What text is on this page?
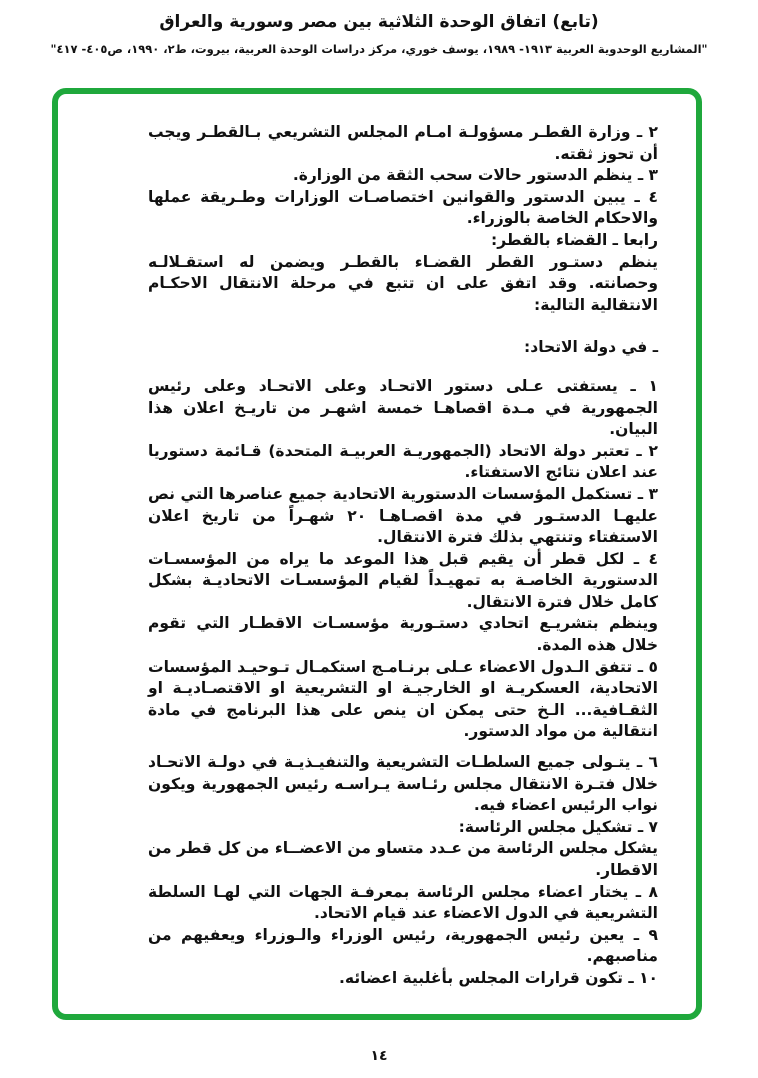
(تابع) اتفاق الوحدة الثلاثية بين مصر وسورية والعراق

"المشاريع الوحدوية العربية ١٩١٣- ١٩٨٩، يوسف خوري، مركز دراسات الوحدة العربية، بيروت، ط٢، ١٩٩٠، ص٤٠٥- ٤١٧"

٢ ـ وزارة القطـر مسؤولـة امـام المجلس التشريعي بـالقطـر ويجب أن تحوز ثقته.

٣ ـ ينظم الدستور حالات سحب الثقة من الوزارة.

٤ ـ يبين الدستور والقوانين اختصاصـات الوزارات وطـريقة عملها والاحكام الخاصة بالوزراء.

رابعا ـ القضاء بالقطر:

ينظم دستـور القطر القضـاء بالقطـر ويضمن له استقـلالـه وحصانته. وقد اتفق على ان تتبع في مرحلة الانتقال الاحكـام الانتقالية التالية:

ـ في دولة الاتحاد:

١ ـ يستفتى عـلى دستور الاتحـاد وعلى الاتحـاد وعلى رئيس الجمهورية في مـدة اقصاهـا خمسة اشهـر من تاريـخ اعلان هذا البيان.

٢ ـ تعتبر دولة الاتحاد (الجمهوريـة العربيـة المتحدة) قـائمة دستوريا عند اعلان نتائج الاستفتاء.

٣ ـ تستكمل المؤسسات الدستورية الاتحادية جميع عناصرها التي نص عليهـا الدستـور في مدة اقصـاهـا ٢٠ شهـراً من تاريخ اعلان الاستفتاء وتنتهي بذلك فترة الانتقال.

٤ ـ لكل قطر أن يقيم قبل هذا الموعد ما يراه من المؤسسـات الدستورية الخاصـة به تمهيـداً لقيام المؤسسـات الاتحاديـة بشكل كامل خلال فترة الانتقال.

وينظم بتشريـع اتحادي دستـورية مؤسسـات الاقطـار التي تقوم خلال هذه المدة.

٥ ـ تتفق الـدول الاعضاء عـلى برنـامـج استكمـال تـوحيـد المؤسسات الاتحادية، العسكريـة او الخارجيـة او التشريعية او الاقتصـاديـة او الثقـافية... الـخ حتى يمكن ان ينص على هذا البرنامج في مادة انتقالية من مواد الدستور.

٦ ـ يتـولى جميع السلطـات التشريعية والتنفيـذيـة في دولـة الاتحـاد خلال فتـرة الانتقال مجلس رئـاسة يـراسـه رئيس الجمهورية ويكون نواب الرئيس اعضاء فيه.

٧ ـ تشكيل مجلس الرئاسة:

يشكل مجلس الرئاسة من عـدد متساو من الاعضــاء من كل قطر من الاقطار.

٨ ـ يختار اعضاء مجلس الرئاسة بمعرفـة الجهات التي لهـا السلطة التشريعية في الدول الاعضاء عند قيام الاتحاد.

٩ ـ يعين رئيس الجمهورية، رئيس الوزراء والـوزراء ويعفيهم من مناصبهم.

١٠ ـ تكون قرارات المجلس بأغلبية اعضائه.

١٤
